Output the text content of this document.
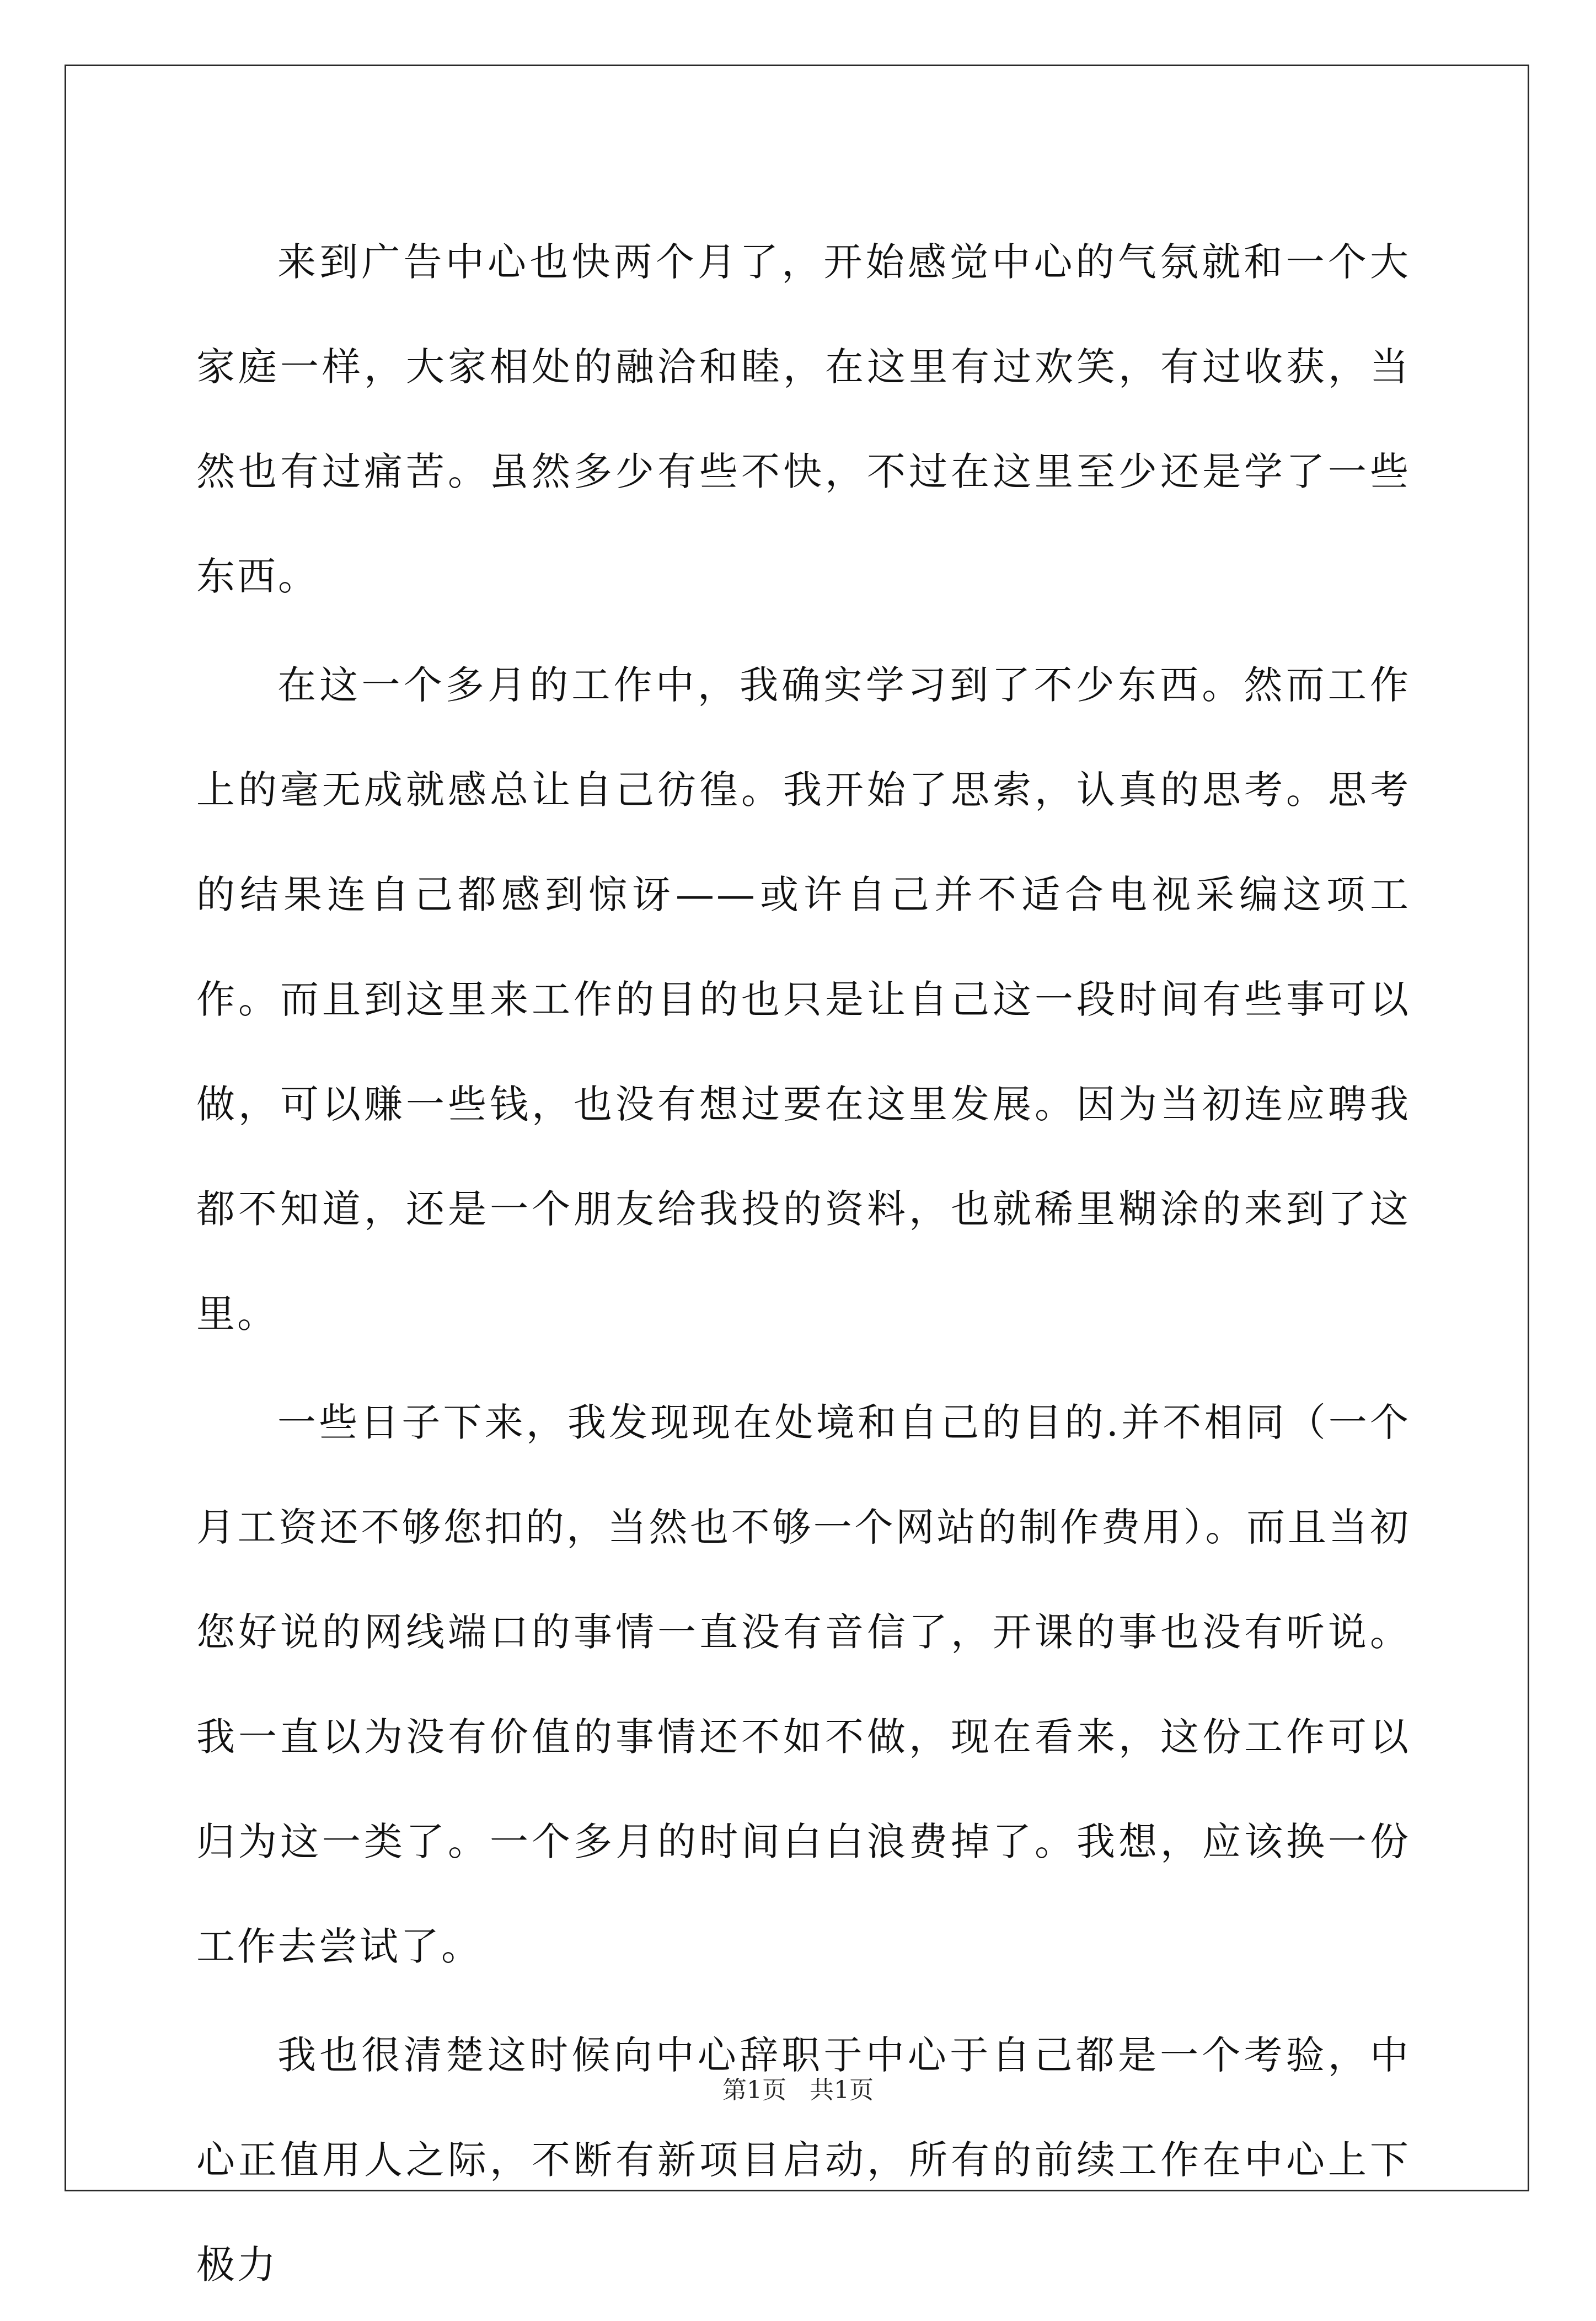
来到广告中心也快两个月了，开始感觉中心的气氛就和一个大家庭一样，大家相处的融洽和睦，在这里有过欢笑，有过收获，当然也有过痛苦。虽然多少有些不快，不过在这里至少还是学了一些东西。

在这一个多月的工作中，我确实学习到了不少东西。然而工作上的毫无成就感总让自己彷徨。我开始了思索，认真的思考。思考的结果连自己都感到惊讶——或许自己并不适合电视采编这项工作。而且到这里来工作的目的也只是让自己这一段时间有些事可以做，可以赚一些钱，也没有想过要在这里发展。因为当初连应聘我都不知道，还是一个朋友给我投的资料，也就稀里糊涂的来到了这里。

一些日子下来，我发现现在处境和自己的目的.并不相同（一个月工资还不够您扣的，当然也不够一个网站的制作费用）。而且当初您好说的网线端口的事情一直没有音信了，开课的事也没有听说。我一直以为没有价值的事情还不如不做，现在看来，这份工作可以归为这一类了。一个多月的时间白白浪费掉了。我想，应该换一份工作去尝试了。

我也很清楚这时候向中心辞职于中心于自己都是一个考验，中心正值用人之际，不断有新项目启动，所有的前续工作在中心上下极力

第1页 共1页
